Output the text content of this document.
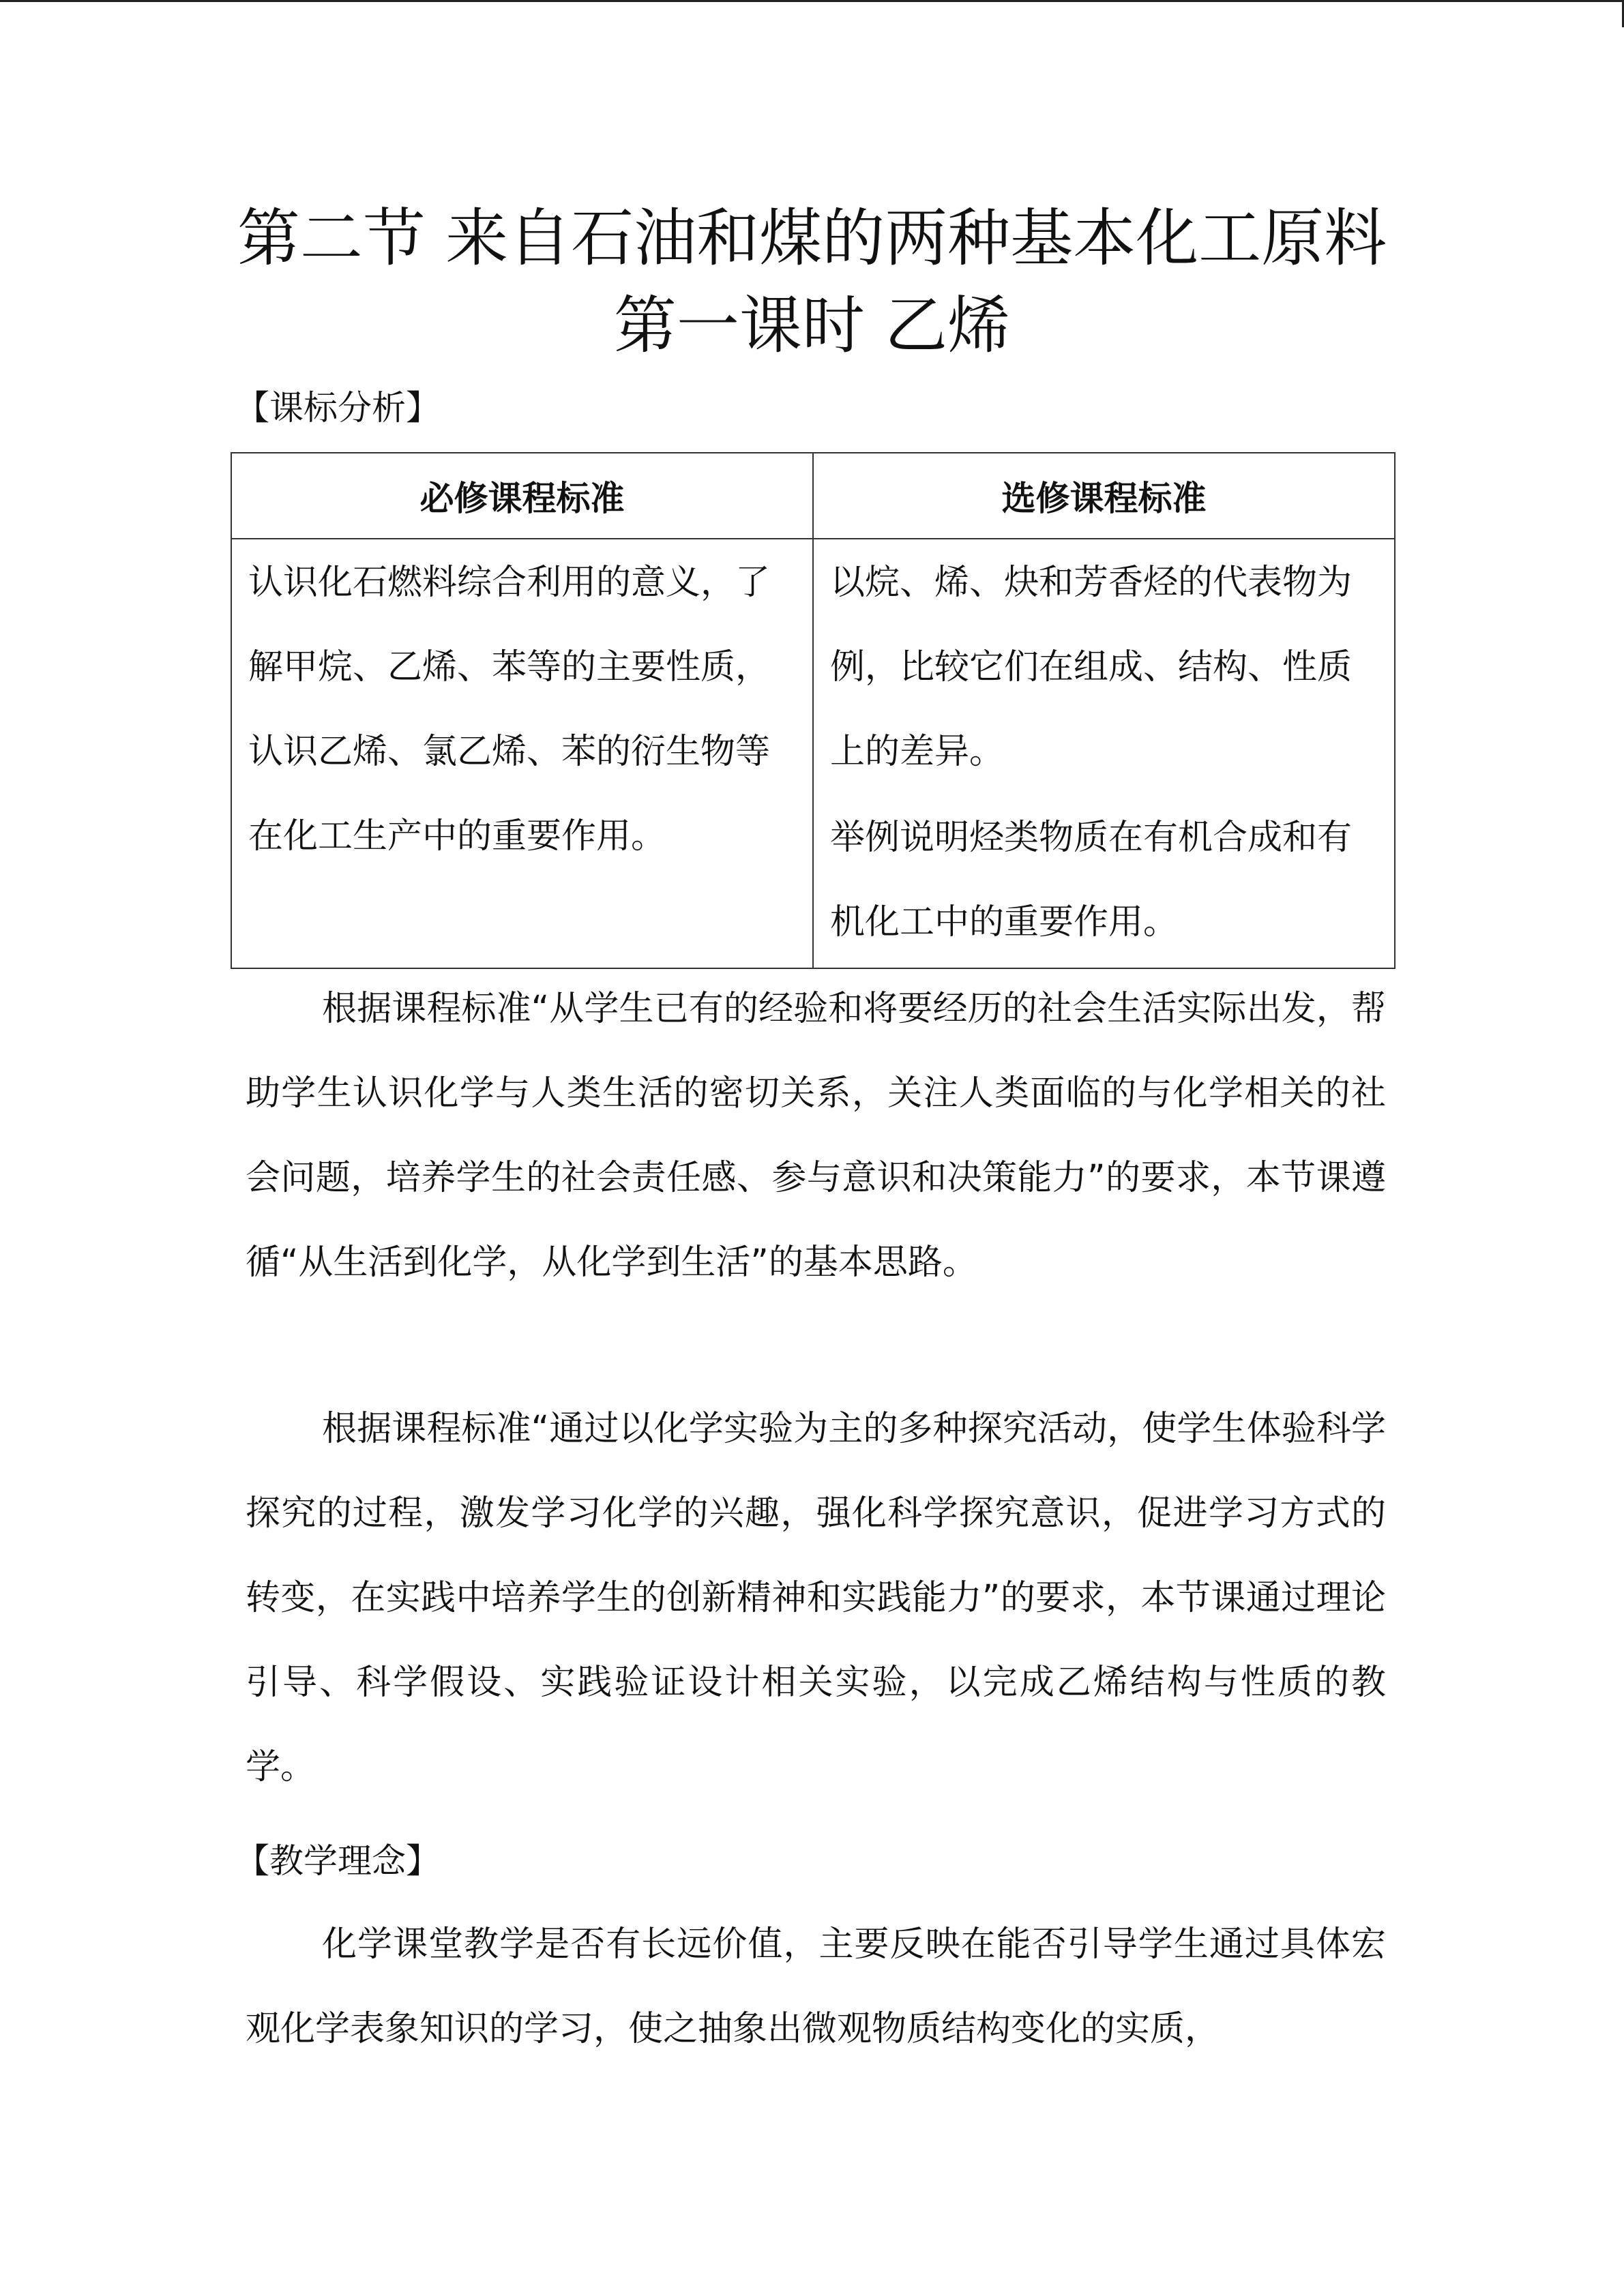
第二节 来自石油和煤的两种基本化工原料
第一课时 乙烯
【课标分析】
必修课程标准	选修课程标准

认识化石燃料综合利用的意义，了解甲烷、乙烯、苯等的主要性质，认识乙烯、氯乙烯、苯的衍生物等在化工生产中的重要作用。	以烷、烯、炔和芳香烃的代表物为例，比较它们在组成、结构、性质上的差异。
举例说明烃类物质在有机合成和有机化工中的重要作用。

根据课程标准“从学生已有的经验和将要经历的社会生活实际出发，帮助学生认识化学与人类生活的密切关系，关注人类面临的与化学相关的社会问题，培养学生的社会责任感、参与意识和决策能力”的要求，本节课遵循“从生活到化学，从化学到生活”的基本思路。

根据课程标准“通过以化学实验为主的多种探究活动，使学生体验科学探究的过程，激发学习化学的兴趣，强化科学探究意识，促进学习方式的转变，在实践中培养学生的创新精神和实践能力”的要求，本节课通过理论引导、科学假设、实践验证设计相关实验，以完成乙烯结构与性质的教学。

【教学理念】

化学课堂教学是否有长远价值，主要反映在能否引导学生通过具体宏观化学表象知识的学习，使之抽象出微观物质结构变化的实质，
